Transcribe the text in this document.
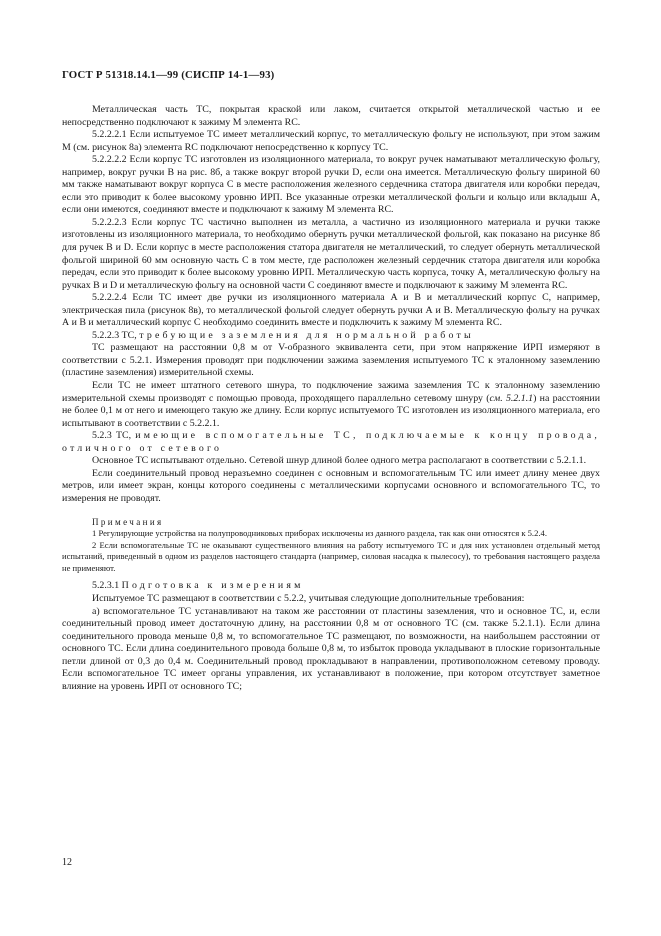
ГОСТ Р 51318.14.1—99 (СИСПР 14-1—93)

Металлическая часть ТС, покрытая краской или лаком, считается открытой металлической частью и ее непосредственно подключают к зажиму М элемента RC.

5.2.2.2.1 Если испытуемое ТС имеет металлический корпус, то металлическую фольгу не используют, при этом зажим М (см. рисунок 8а) элемента RC подключают непосредственно к корпусу ТС.

5.2.2.2.2 Если корпус ТС изготовлен из изоляционного материала, то вокруг ручек наматывают металлическую фольгу, например, вокруг ручки В на рис. 8б, а также вокруг второй ручки D, если она имеется. Металлическую фольгу шириной 60 мм также наматывают вокруг корпуса С в месте расположения железного сердечника статора двигателя или коробки передач, если это приводит к более высокому уровню ИРП. Все указанные отрезки металлической фольги и кольцо или вкладыш А, если они имеются, соединяют вместе и подключают к зажиму М элемента RC.

5.2.2.2.3 Если корпус ТС частично выполнен из металла, а частично из изоляционного материала и ручки также изготовлены из изоляционного материала, то необходимо обернуть ручки металлической фольгой, как показано на рисунке 8б для ручек В и D. Если корпус в месте расположения статора двигателя не металлический, то следует обернуть металлической фольгой шириной 60 мм основную часть С в том месте, где расположен железный сердечник статора двигателя или коробка передач, если это приводит к более высокому уровню ИРП. Металлическую часть корпуса, точку А, металлическую фольгу на ручках В и D и металлическую фольгу на основной части С соединяют вместе и подключают к зажиму М элемента RC.

5.2.2.2.4 Если ТС имеет две ручки из изоляционного материала А и В и металлический корпус С, например, электрическая пила (рисунок 8в), то металлической фольгой следует обернуть ручки А и В. Металлическую фольгу на ручках А и В и металлический корпус С необходимо соединить вместе и подключить к зажиму М элемента RC.

5.2.2.3 ТС, требующие заземления для нормальной работы

ТС размещают на расстоянии 0,8 м от V-образного эквивалента сети, при этом напряжение ИРП измеряют в соответствии с 5.2.1. Измерения проводят при подключении зажима заземления испытуемого ТС к эталонному заземлению (пластине заземления) измерительной схемы.

Если ТС не имеет штатного сетевого шнура, то подключение зажима заземления ТС к эталонному заземлению измерительной схемы производят с помощью провода, проходящего параллельно сетевому шнуру (см. 5.2.1.1) на расстоянии не более 0,1 м от него и имеющего такую же длину. Если корпус испытуемого ТС изготовлен из изоляционного материала, его испытывают в соответствии с 5.2.2.1.

5.2.3 ТС, имеющие вспомогательные ТС, подключаемые к концу провода, отличного от сетевого

Основное ТС испытывают отдельно. Сетевой шнур длиной более одного метра располагают в соответствии с 5.2.1.1.

Если соединительный провод неразъемно соединен с основным и вспомогательным ТС или имеет длину менее двух метров, или имеет экран, концы которого соединены с металлическими корпусами основного и вспомогательного ТС, то измерения не проводят.

Примечания

1 Регулирующие устройства на полупроводниковых приборах исключены из данного раздела, так как они относятся к 5.2.4.

2 Если вспомогательные ТС не оказывают существенного влияния на работу испытуемого ТС и для них установлен отдельный метод испытаний, приведенный в одном из разделов настоящего стандарта (например, силовая насадка к пылесосу), то требования настоящего раздела не применяют.

5.2.3.1 Подготовка к измерениям

Испытуемое ТС размещают в соответствии с 5.2.2, учитывая следующие дополнительные требования:

а) вспомогательное ТС устанавливают на таком же расстоянии от пластины заземления, что и основное ТС, и, если соединительный провод имеет достаточную длину, на расстоянии 0,8 м от основного ТС (см. также 5.2.1.1). Если длина соединительного провода меньше 0,8 м, то вспомогательное ТС размещают, по возможности, на наибольшем расстоянии от основного ТС. Если длина соединительного провода больше 0,8 м, то избыток провода укладывают в плоские горизонтальные петли длиной от 0,3 до 0,4 м. Соединительный провод прокладывают в направлении, противоположном сетевому проводу. Если вспомогательное ТС имеет органы управления, их устанавливают в положение, при котором отсутствует заметное влияние на уровень ИРП от основного ТС;

12
